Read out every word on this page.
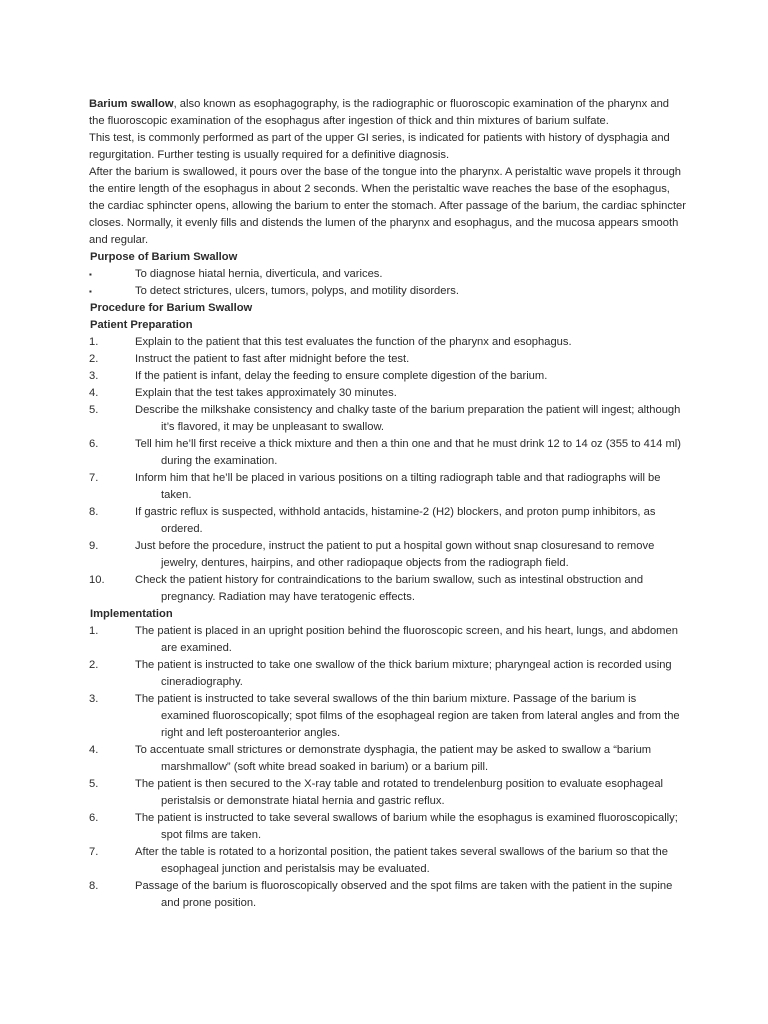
Barium swallow, also known as esophagography, is the radiographic or fluoroscopic examination of the pharynx and the fluoroscopic examination of the esophagus after ingestion of thick and thin mixtures of barium sulfate.

This test, is commonly performed as part of the upper GI series, is indicated for patients with history of dysphagia and regurgitation. Further testing is usually required for a definitive diagnosis.

After the barium is swallowed, it pours over the base of the tongue into the pharynx. A peristaltic wave propels it through the entire length of the esophagus in about 2 seconds. When the peristaltic wave reaches the base of the esophagus, the cardiac sphincter opens, allowing the barium to enter the stomach. After passage of the barium, the cardiac sphincter closes. Normally, it evenly fills and distends the lumen of the pharynx and esophagus, and the mucosa appears smooth and regular.

Purpose of Barium Swallow

▪	To diagnose hiatal hernia, diverticula, and varices.
▪	To detect strictures, ulcers, tumors, polyps, and motility disorders.

Procedure for Barium Swallow

Patient Preparation

1.	Explain to the patient that this test evaluates the function of the pharynx and esophagus.
2.	Instruct the patient to fast after midnight before the test.
3.	If the patient is infant, delay the feeding to ensure complete digestion of the barium.
4.	Explain that the test takes approximately 30 minutes.
5.	Describe the milkshake consistency and chalky taste of the barium preparation the patient will ingest; although it’s flavored, it may be unpleasant to swallow.
6.	Tell him he’ll first receive a thick mixture and then a thin one and that he must drink 12 to 14 oz (355 to 414 ml) during the examination.
7.	Inform him that he’ll be placed in various positions on a tilting radiograph table and that radiographs will be taken.
8.	If gastric reflux is suspected, withhold antacids, histamine-2 (H2) blockers, and proton pump inhibitors, as ordered.
9.	Just before the procedure, instruct the patient to put a hospital gown without snap closuresand to remove jewelry, dentures, hairpins, and other radiopaque objects from the radiograph field.
10.	Check the patient history for contraindications to the barium swallow, such as intestinal obstruction and pregnancy. Radiation may have teratogenic effects.

Implementation

1.	The patient is placed in an upright position behind the fluoroscopic screen, and his heart, lungs, and abdomen are examined.
2.	The patient is instructed to take one swallow of the thick barium mixture; pharyngeal action is recorded using cineradiography.
3.	The patient is instructed to take several swallows of the thin barium mixture. Passage of the barium is examined fluoroscopically; spot films of the esophageal region are taken from lateral angles and from the right and left posteroanterior angles.
4.	To accentuate small strictures or demonstrate dysphagia, the patient may be asked to swallow a “barium marshmallow” (soft white bread soaked in barium) or a barium pill.
5.	The patient is then secured to the X-ray table and rotated to trendelenburg position to evaluate esophageal peristalsis or demonstrate hiatal hernia and gastric reflux.
6.	The patient is instructed to take several swallows of barium while the esophagus is examined fluoroscopically; spot films are taken.
7.	After the table is rotated to a horizontal position, the patient takes several swallows of the barium so that the esophageal junction and peristalsis may be evaluated.
8.	Passage of the barium is fluoroscopically observed and the spot films are taken with the patient in the supine and prone position.
